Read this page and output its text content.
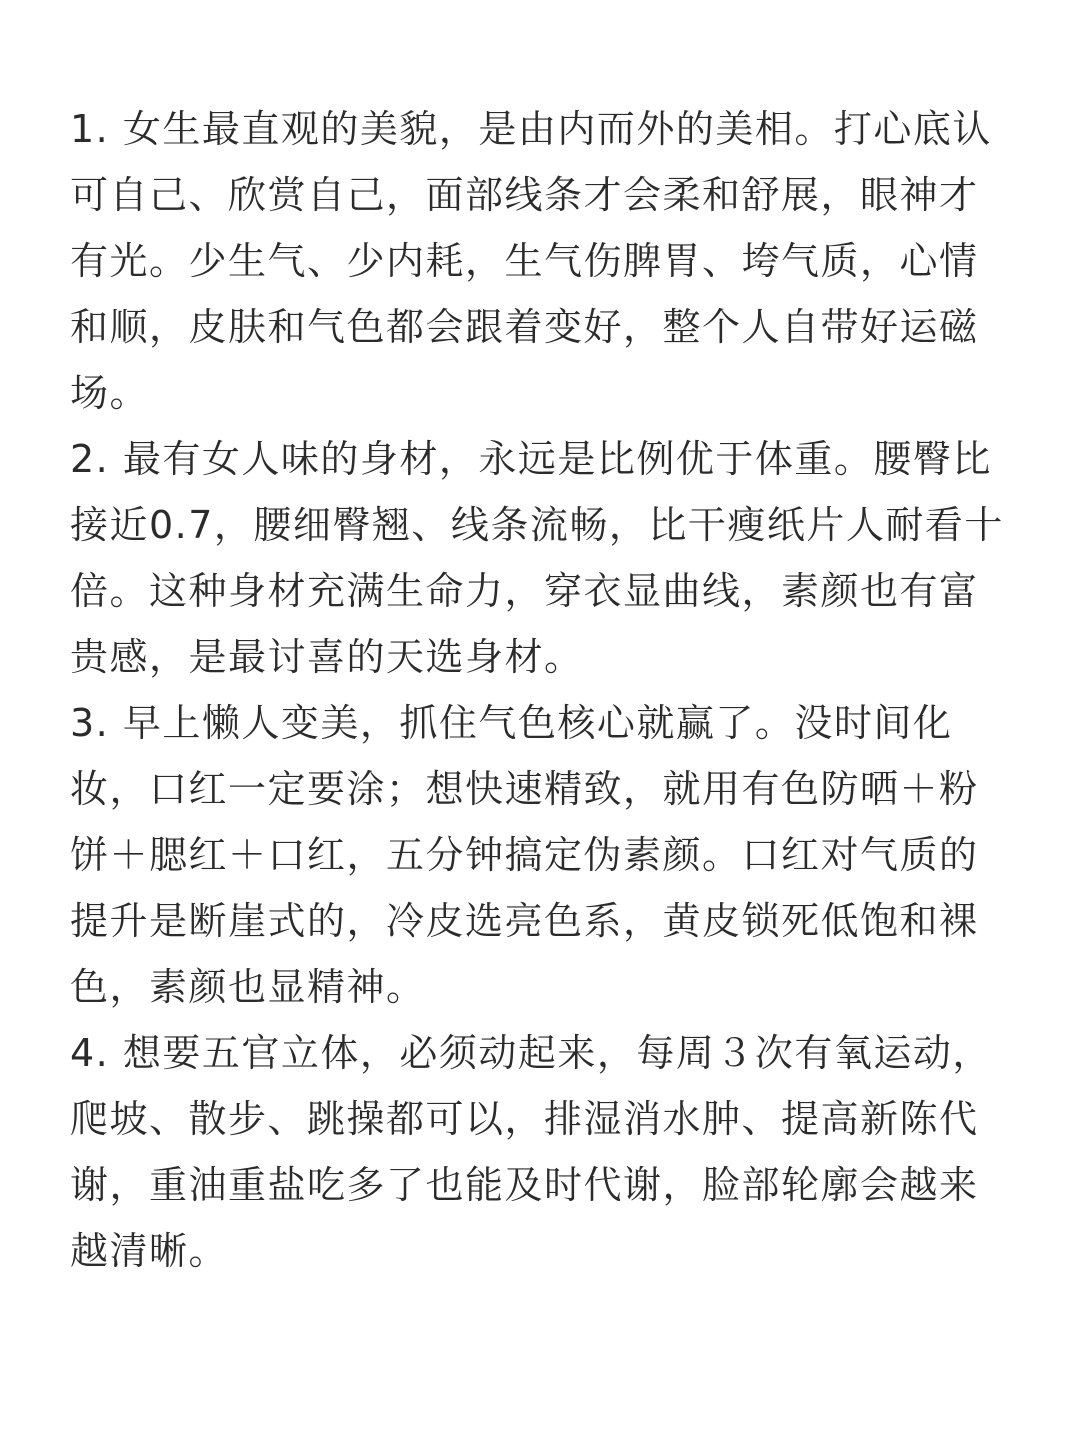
1. 女生最直观的美貌，是由内而外的美相。打心底认可自己、欣赏自己，面部线条才会柔和舒展，眼神才有光。少生气、少内耗，生气伤脾胃、垮气质，心情和顺，皮肤和气色都会跟着变好，整个人自带好运磁场。

2. 最有女人味的身材，永远是比例优于体重。腰臀比接近0.7，腰细臀翘、线条流畅，比干瘦纸片人耐看十倍。这种身材充满生命力，穿衣显曲线，素颜也有富贵感，是最讨喜的天选身材。

3. 早上懒人变美，抓住气色核心就赢了。没时间化妆，口红一定要涂；想快速精致，就用有色防晒＋粉饼＋腮红＋口红，五分钟搞定伪素颜。口红对气质的提升是断崖式的，冷皮选亮色系，黄皮锁死低饱和裸色，素颜也显精神。

4. 想要五官立体，必须动起来，每周３次有氧运动，爬坡、散步、跳操都可以，排湿消水肿、提高新陈代谢，重油重盐吃多了也能及时代谢，脸部轮廓会越来越清晰。
